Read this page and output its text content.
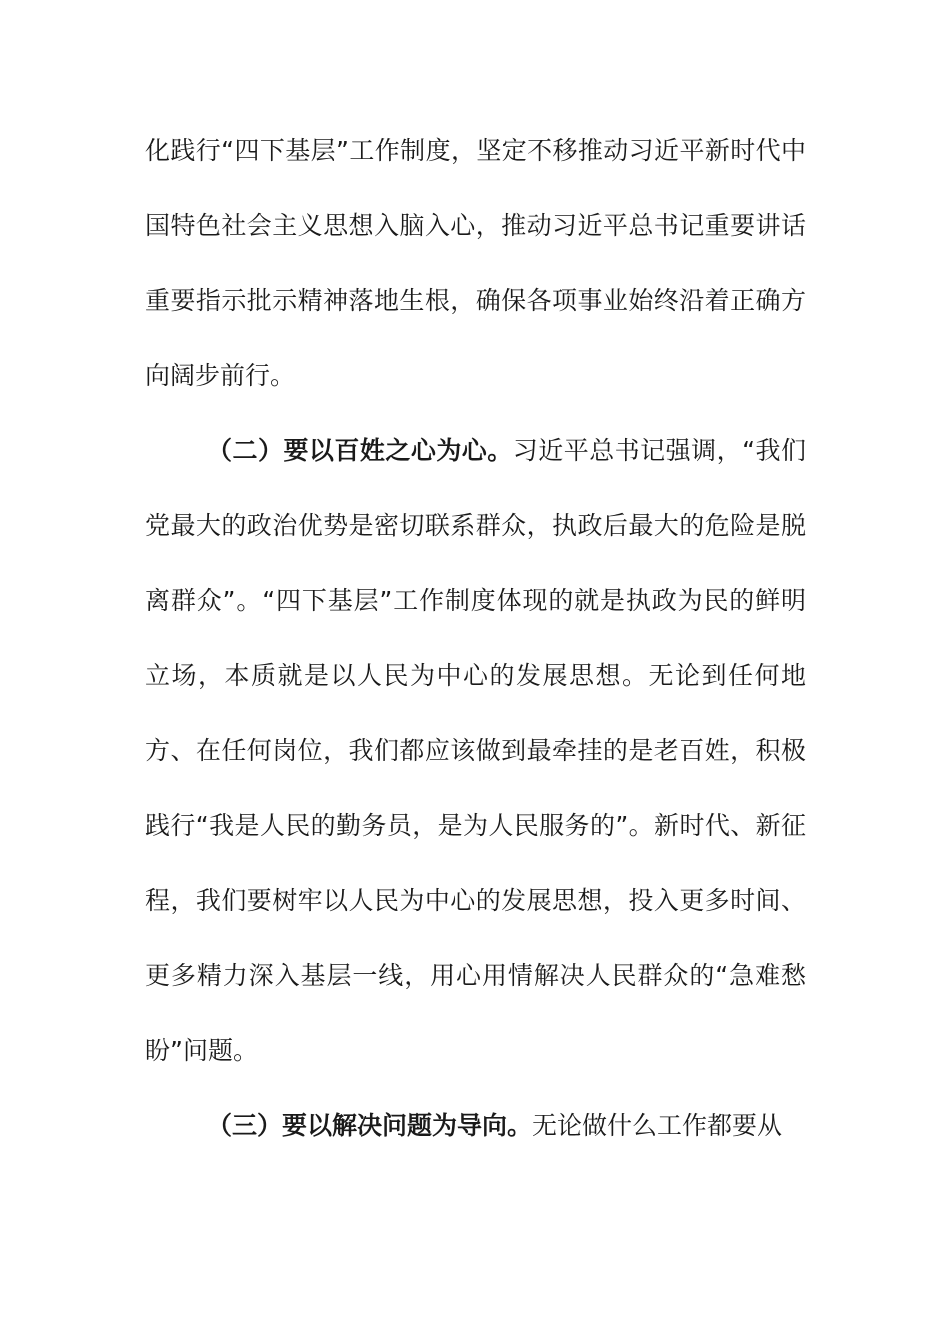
化践行“四下基层”工作制度，坚定不移推动习近平新时代中国特色社会主义思想入脑入心，推动习近平总书记重要讲话重要指示批示精神落地生根，确保各项事业始终沿着正确方向阔步前行。

（二）要以百姓之心为心。习近平总书记强调，“我们党最大的政治优势是密切联系群众，执政后最大的危险是脱离群众”。“四下基层”工作制度体现的就是执政为民的鲜明立场，本质就是以人民为中心的发展思想。无论到任何地方、在任何岗位，我们都应该做到最牵挂的是老百姓，积极践行“我是人民的勤务员，是为人民服务的”。新时代、新征程，我们要树牢以人民为中心的发展思想，投入更多时间、更多精力深入基层一线，用心用情解决人民群众的“急难愁盼”问题。

（三）要以解决问题为导向。无论做什么工作都要从
